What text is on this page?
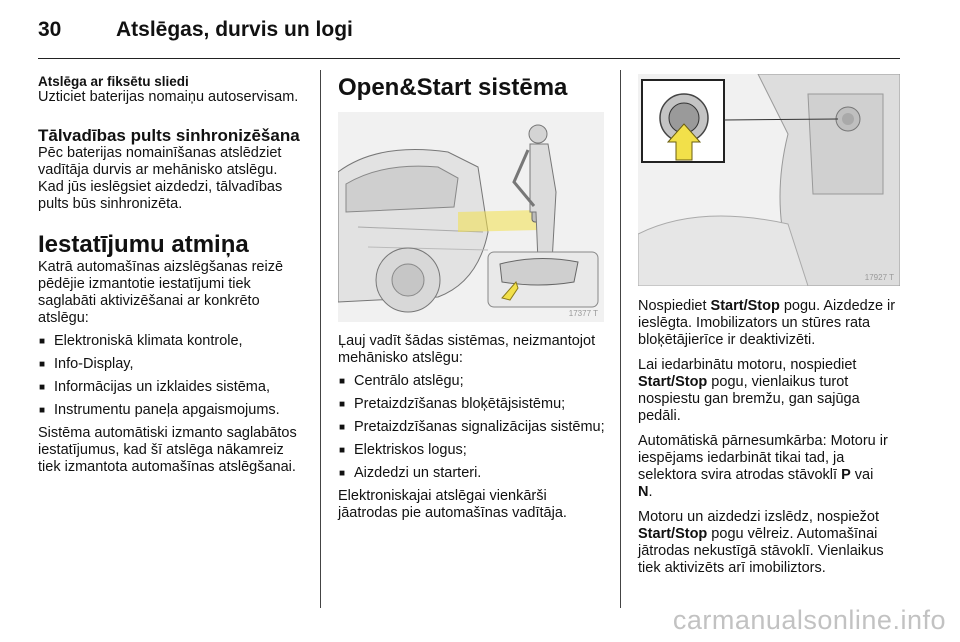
30	Atslēgas, durvis un logi

Atslēga ar fiksētu sliedi

Uzticiet baterijas nomaiņu autoservisam.

Tālvadības pults sinhronizēšana

Pēc baterijas nomainīšanas atslēdziet vadītāja durvis ar mehānisko atslēgu. Kad jūs ieslēgsiet aizdedzi, tālvadības pults būs sinhronizēta.

Iestatījumu atmiņa

Katrā automašīnas aizslēgšanas reizē pēdējie izmantotie iestatījumi tiek saglabāti aktivizēšanai ar konkrēto atslēgu:

■ Elektroniskā klimata kontrole,
■ Info-Display,
■ Informācijas un izklaides sistēma,
■ Instrumentu paneļa apgaismojums.

Sistēma automātiski izmanto saglabātos iestatījumus, kad šī atslēga nākamreiz tiek izmantota automašīnas atslēgšanai.

Open&Start sistēma

17377 T

Ļauj vadīt šādas sistēmas, neizmantojot mehānisko atslēgu:

■ Centrālo atslēgu;
■ Pretaizdzīšanas bloķētājsistēmu;
■ Pretaizdzīšanas signalizācijas sistēmu;
■ Elektriskos logus;
■ Aizdedzi un starteri.

Elektroniskajai atslēgai vienkārši jāatrodas pie automašīnas vadītāja.

17927 T

Nospiediet Start/Stop pogu. Aizdedze ir ieslēgta. Imobilizators un stūres rata bloķētājierīce ir deaktivizēti.

Lai iedarbinātu motoru, nospiediet Start/Stop pogu, vienlaikus turot nospiestu gan bremžu, gan sajūga pedāli.

Automātiskā pārnesumkārba: Motoru ir iespējams iedarbināt tikai tad, ja selektora svira atrodas stāvoklī P vai
N.

Motoru un aizdedzi izslēdz, nospiežot Start/Stop pogu vēlreiz. Automašīnai jātrodas nekustīgā stāvoklī. Vienlaikus tiek aktivizēts arī imobiliztors.

carmanualsonline.info
